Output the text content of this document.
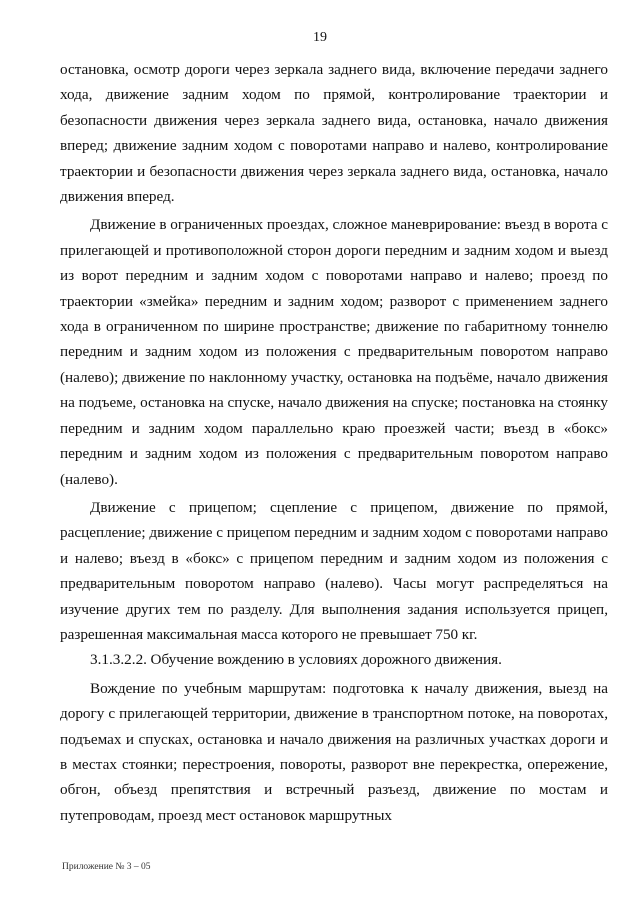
19

остановка, осмотр дороги через зеркала заднего вида, включение передачи заднего хода, движение задним ходом по прямой, контролирование траектории и безопасности движения через зеркала заднего вида, остановка, начало движения вперед; движение задним ходом с поворотами направо и налево, контролирование траектории и безопасности движения через зеркала заднего вида, остановка, начало движения вперед.

Движение в ограниченных проездах, сложное маневрирование: въезд в ворота с прилегающей и противоположной сторон дороги передним и задним ходом и выезд из ворот передним и задним ходом с поворотами направо и налево; проезд по траектории «змейка» передним и задним ходом; разворот с применением заднего хода в ограниченном по ширине пространстве; движение по габаритному тоннелю передним и задним ходом из положения с предварительным поворотом направо (налево); движение по наклонному участку, остановка на подъёме, начало движения на подъеме, остановка на спуске, начало движения на спуске; постановка на стоянку передним и задним ходом параллельно краю проезжей части; въезд в «бокс» передним и задним ходом из положения с предварительным поворотом направо (налево).

Движение с прицепом; сцепление с прицепом, движение по прямой, расцепление; движение с прицепом передним и задним ходом с поворотами направо и налево; въезд в «бокс» с прицепом передним и задним ходом из положения с предварительным поворотом направо (налево). Часы могут распределяться на изучение других тем по разделу. Для выполнения задания используется прицеп, разрешенная максимальная масса которого не превышает 750 кг.

3.1.3.2.2. Обучение вождению в условиях дорожного движения.

Вождение по учебным маршрутам: подготовка к началу движения, выезд на дорогу с прилегающей территории, движение в транспортном потоке, на поворотах, подъемах и спусках, остановка и начало движения на различных участках дороги и в местах стоянки; перестроения, повороты, разворот вне перекрестка, опережение, обгон, объезд препятствия и встречный разъезд, движение по мостам и путепроводам, проезд мест остановок маршрутных

Приложение № 3 – 05
